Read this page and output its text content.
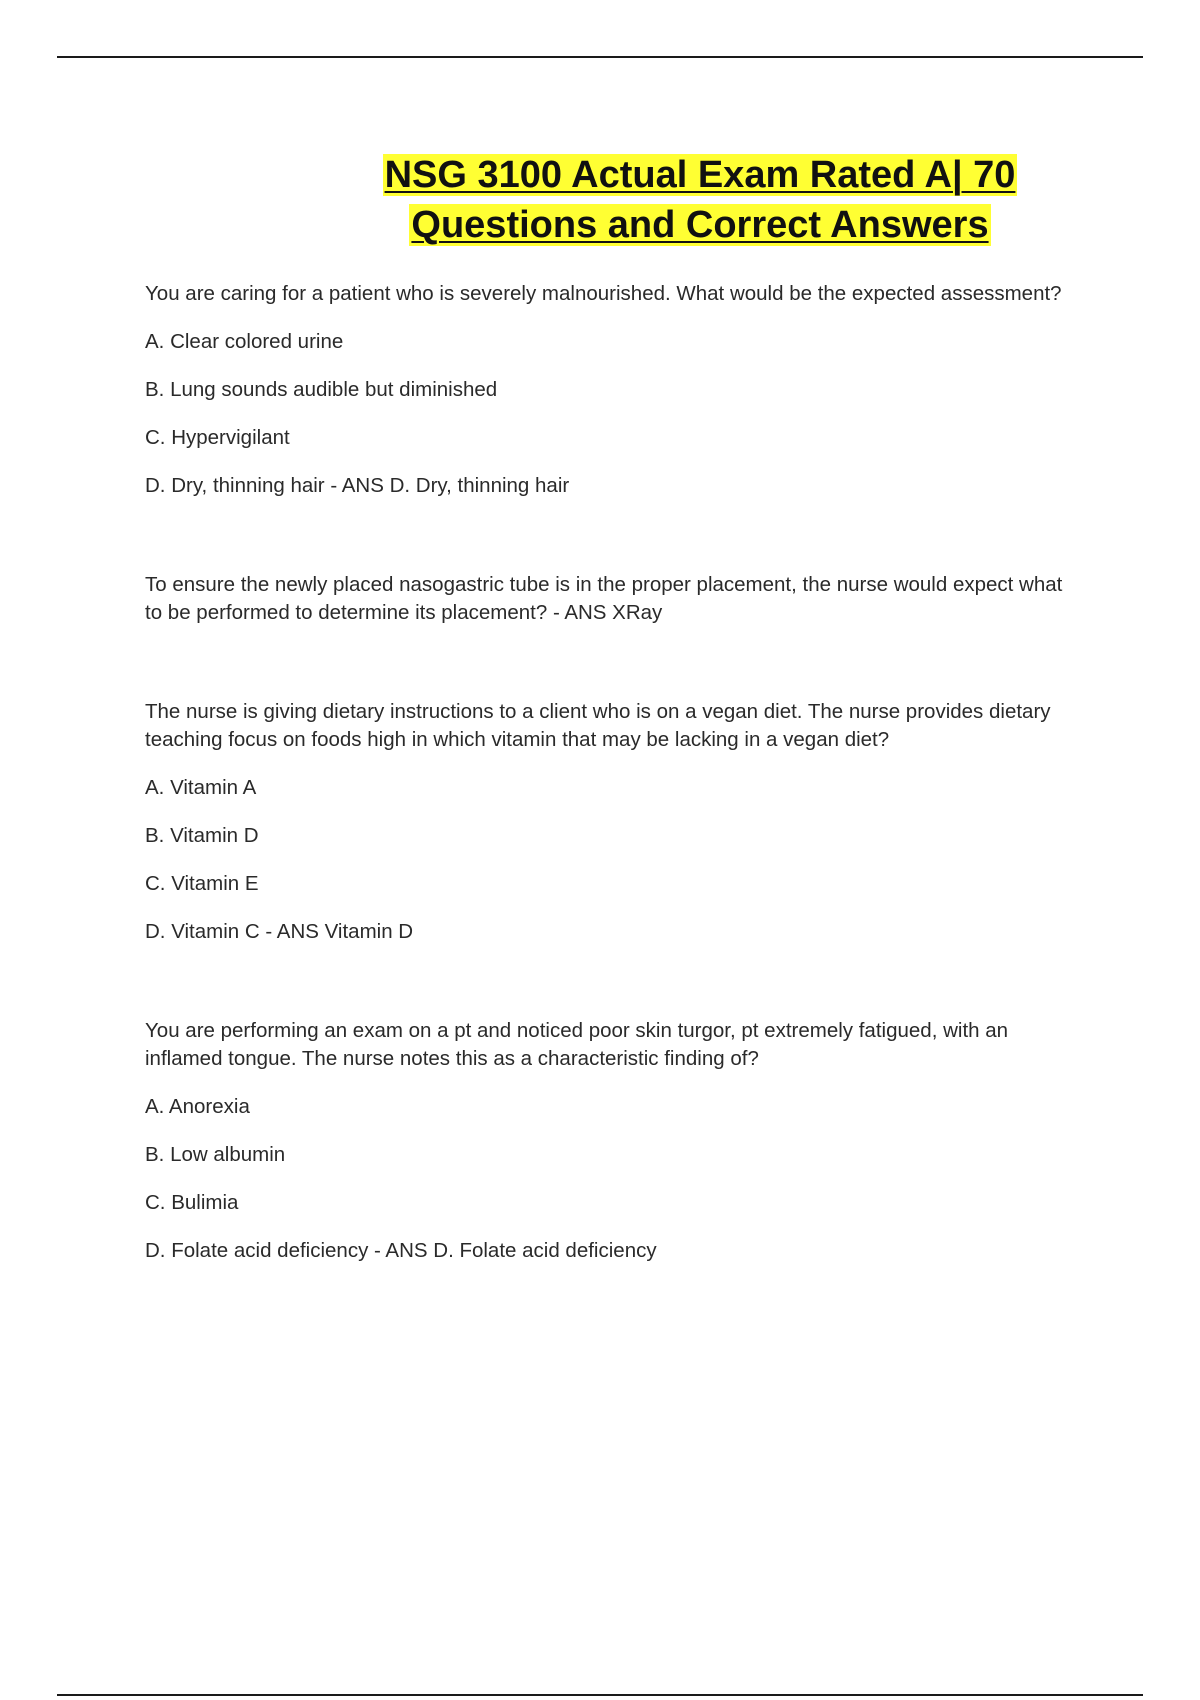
NSG 3100 Actual Exam Rated A| 70
Questions and Correct Answers

You are caring for a patient who is severely malnourished. What would be the expected assessment?

A. Clear colored urine

B. Lung sounds audible but diminished

C. Hypervigilant

D. Dry, thinning hair - ANS D. Dry, thinning hair

To ensure the newly placed nasogastric tube is in the proper placement, the nurse would expect what to be performed to determine its placement? - ANS XRay

The nurse is giving dietary instructions to a client who is on a vegan diet. The nurse provides dietary teaching focus on foods high in which vitamin that may be lacking in a vegan diet?

A. Vitamin A

B. Vitamin D

C. Vitamin E

D. Vitamin C - ANS Vitamin D

You are performing an exam on a pt and noticed poor skin turgor, pt extremely fatigued, with an inflamed tongue. The nurse notes this as a characteristic finding of?

A. Anorexia

B. Low albumin

C. Bulimia

D. Folate acid deficiency - ANS D. Folate acid deficiency
